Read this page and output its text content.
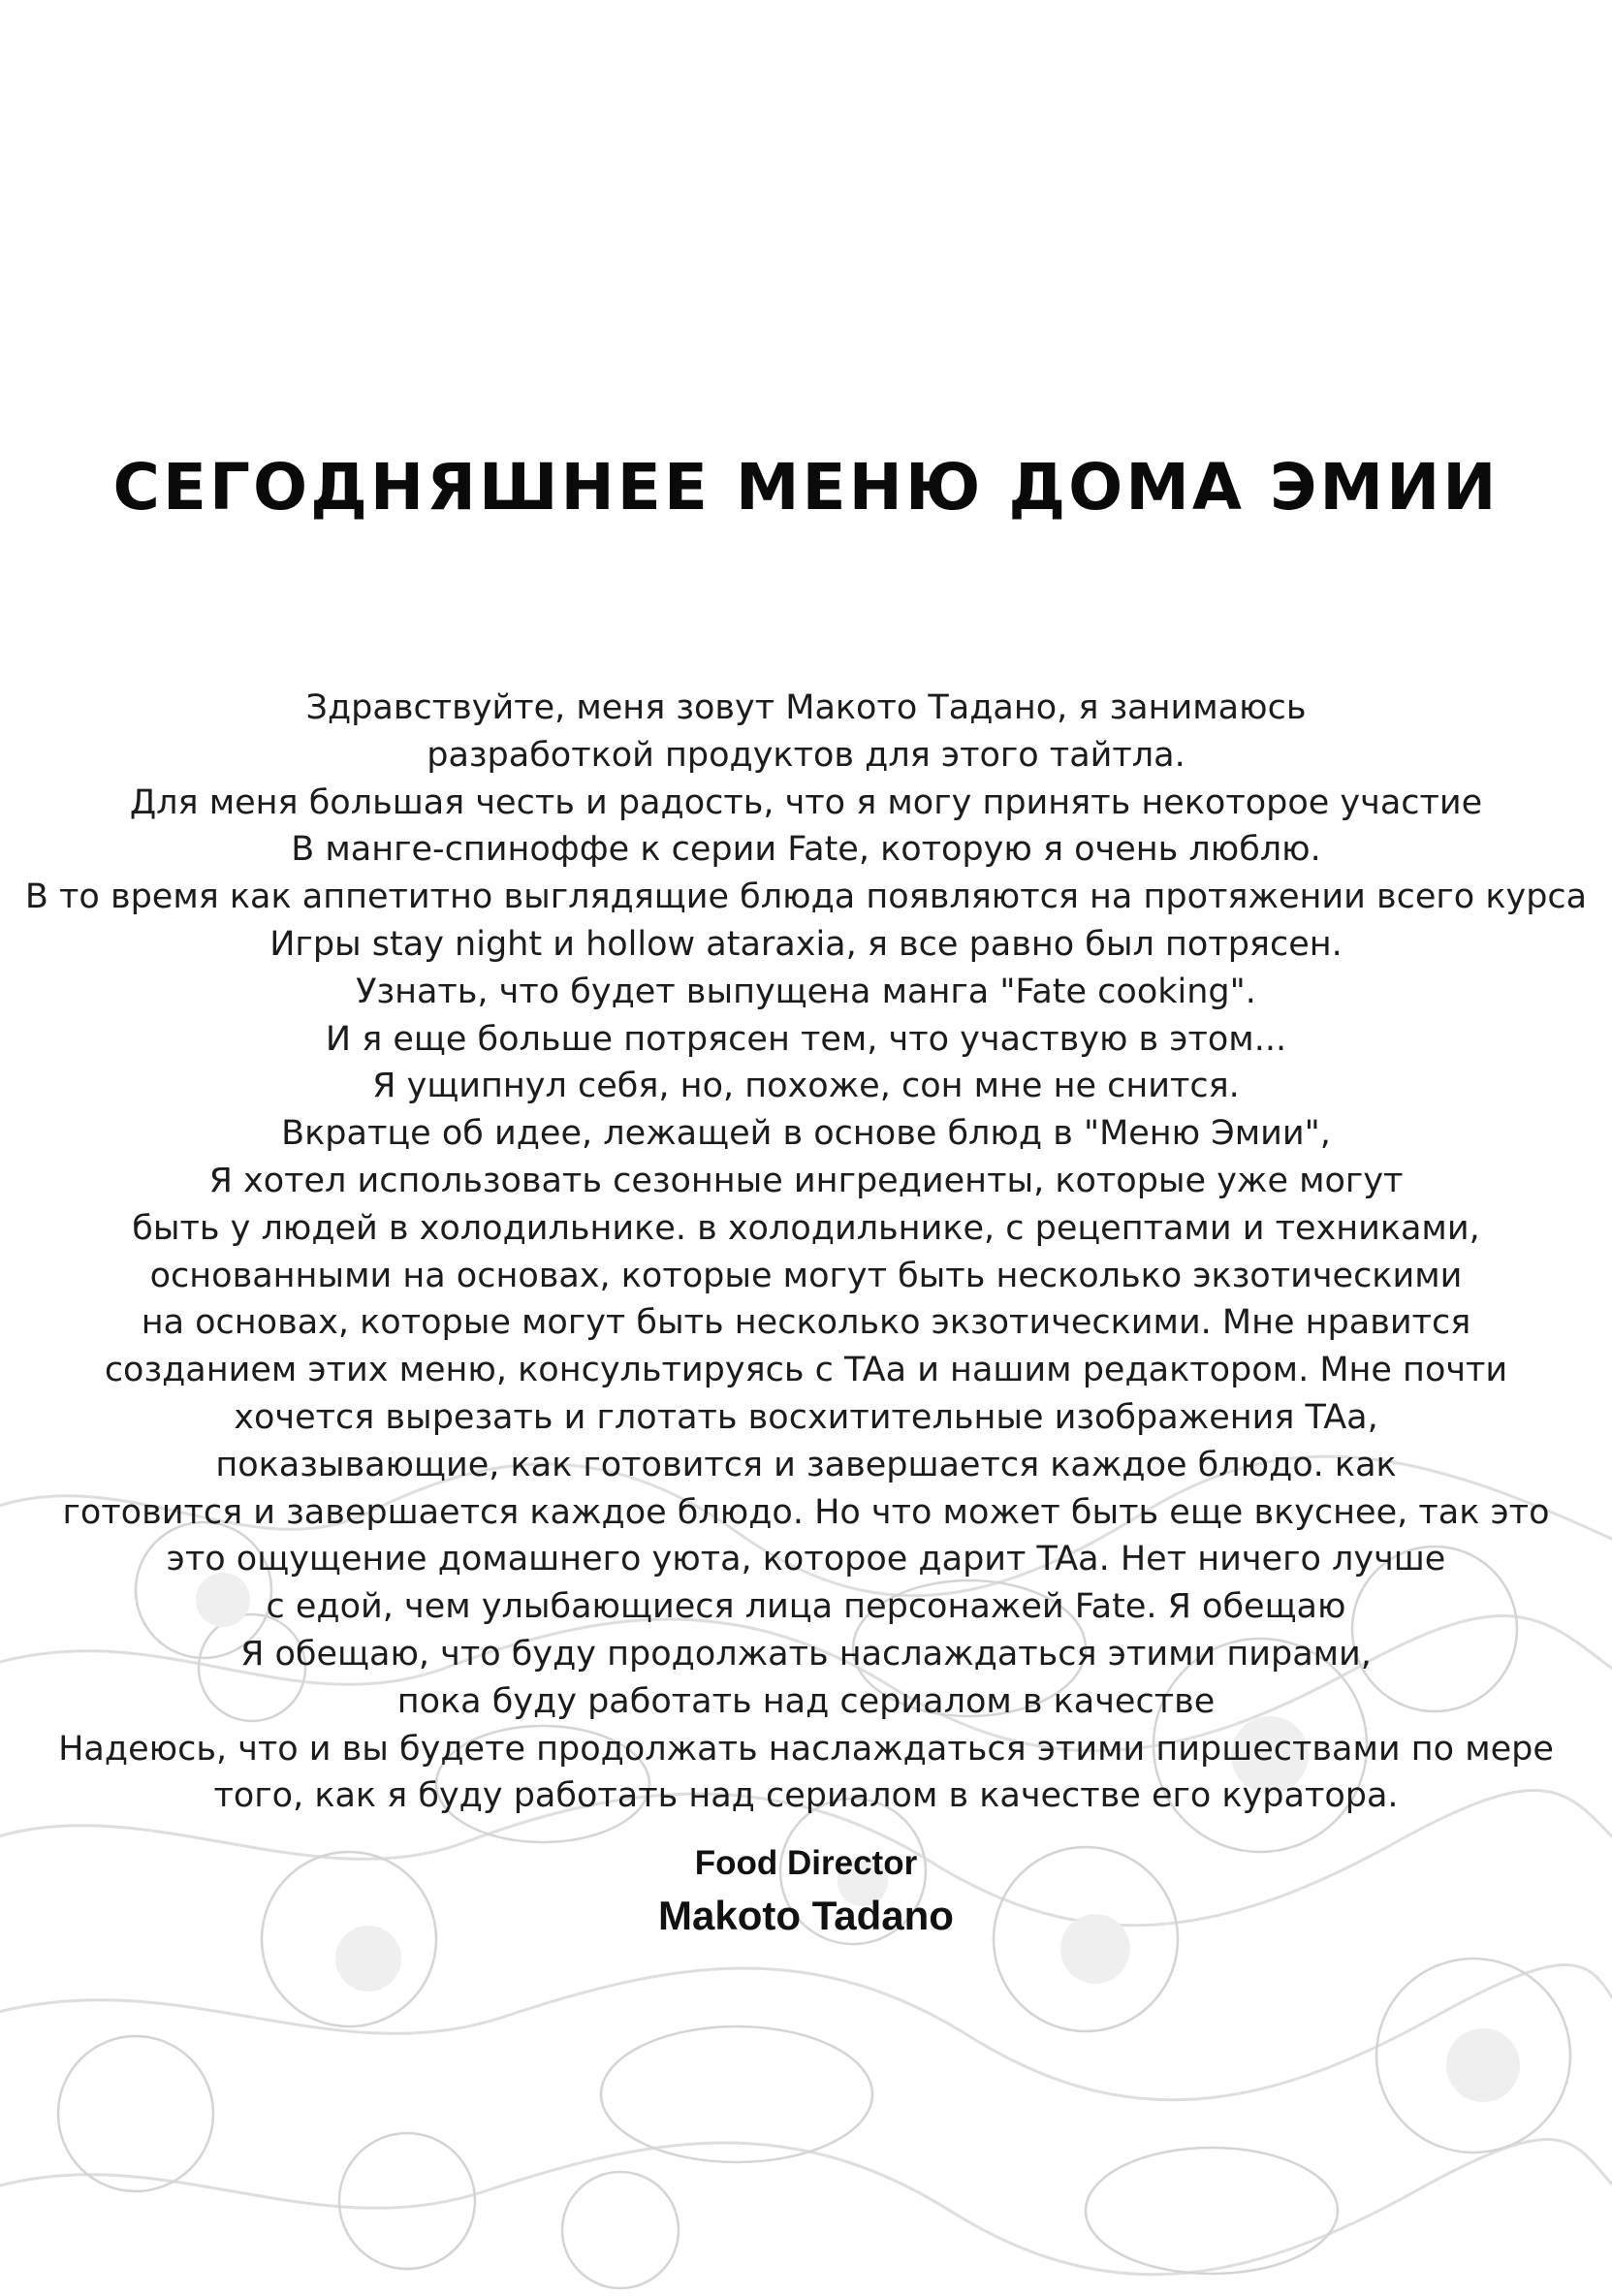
СЕГОДНЯШНЕЕ МЕНЮ ДОМА ЭМИИ
Здравствуйте, меня зовут Макото Тадано, я занимаюсь
разработкой продуктов для этого тайтла.
Для меня большая честь и радость, что я могу принять некоторое участие
В манге-спиноффе к серии Fate, которую я очень люблю.
В то время как аппетитно выглядящие блюда появляются на протяжении всего курса
Игры stay night и hollow ataraxia, я все равно был потрясен.
Узнать, что будет выпущена манга "Fate cooking".
И я еще больше потрясен тем, что участвую в этом...
Я ущипнул себя, но, похоже, сон мне не снится.
Вкратце об идее, лежащей в основе блюд в "Меню Эмии",
Я хотел использовать сезонные ингредиенты, которые уже могут
быть у людей в холодильнике. в холодильнике, с рецептами и техниками,
основанными на основах, которые могут быть несколько экзотическими
на основах, которые могут быть несколько экзотическими. Мне нравится
созданием этих меню, консультируясь с TAa и нашим редактором. Мне почти
хочется вырезать и глотать восхитительные изображения TAa,
показывающие, как готовится и завершается каждое блюдо. как
готовится и завершается каждое блюдо. Но что может быть еще вкуснее, так это
это ощущение домашнего уюта, которое дарит TAa. Нет ничего лучше
с едой, чем улыбающиеся лица персонажей Fate. Я обещаю
Я обещаю, что буду продолжать наслаждаться этими пирами,
пока буду работать над сериалом в качестве
Надеюсь, что и вы будете продолжать наслаждаться этими пиршествами по мере
того, как я буду работать над сериалом в качестве его куратора.
Food Director
Makoto Tadano
